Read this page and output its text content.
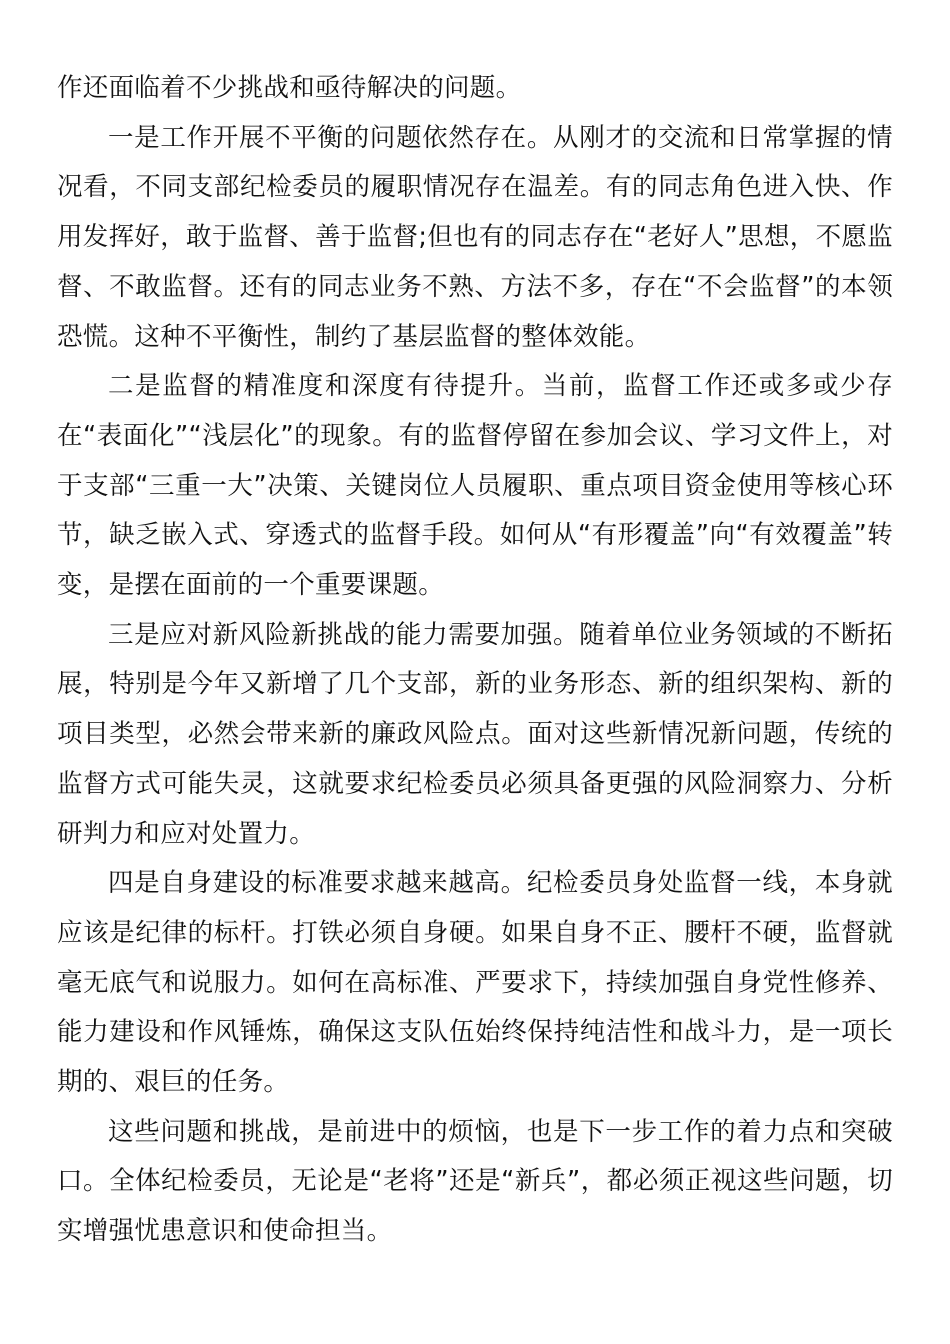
作还面临着不少挑战和亟待解决的问题。

一是工作开展不平衡的问题依然存在。从刚才的交流和日常掌握的情况看，不同支部纪检委员的履职情况存在温差。有的同志角色进入快、作用发挥好，敢于监督、善于监督;但也有的同志存在“老好人”思想，不愿监督、不敢监督。还有的同志业务不熟、方法不多，存在“不会监督”的本领恐慌。这种不平衡性，制约了基层监督的整体效能。

二是监督的精准度和深度有待提升。当前，监督工作还或多或少存在“表面化”“浅层化”的现象。有的监督停留在参加会议、学习文件上，对于支部“三重一大”决策、关键岗位人员履职、重点项目资金使用等核心环节，缺乏嵌入式、穿透式的监督手段。如何从“有形覆盖”向“有效覆盖”转变，是摆在面前的一个重要课题。

三是应对新风险新挑战的能力需要加强。随着单位业务领域的不断拓展，特别是今年又新增了几个支部，新的业务形态、新的组织架构、新的项目类型，必然会带来新的廉政风险点。面对这些新情况新问题，传统的监督方式可能失灵，这就要求纪检委员必须具备更强的风险洞察力、分析研判力和应对处置力。

四是自身建设的标准要求越来越高。纪检委员身处监督一线，本身就应该是纪律的标杆。打铁必须自身硬。如果自身不正、腰杆不硬，监督就毫无底气和说服力。如何在高标准、严要求下，持续加强自身党性修养、能力建设和作风锤炼，确保这支队伍始终保持纯洁性和战斗力，是一项长期的、艰巨的任务。

这些问题和挑战，是前进中的烦恼，也是下一步工作的着力点和突破口。全体纪检委员，无论是“老将”还是“新兵”，都必须正视这些问题，切实增强忧患意识和使命担当。
